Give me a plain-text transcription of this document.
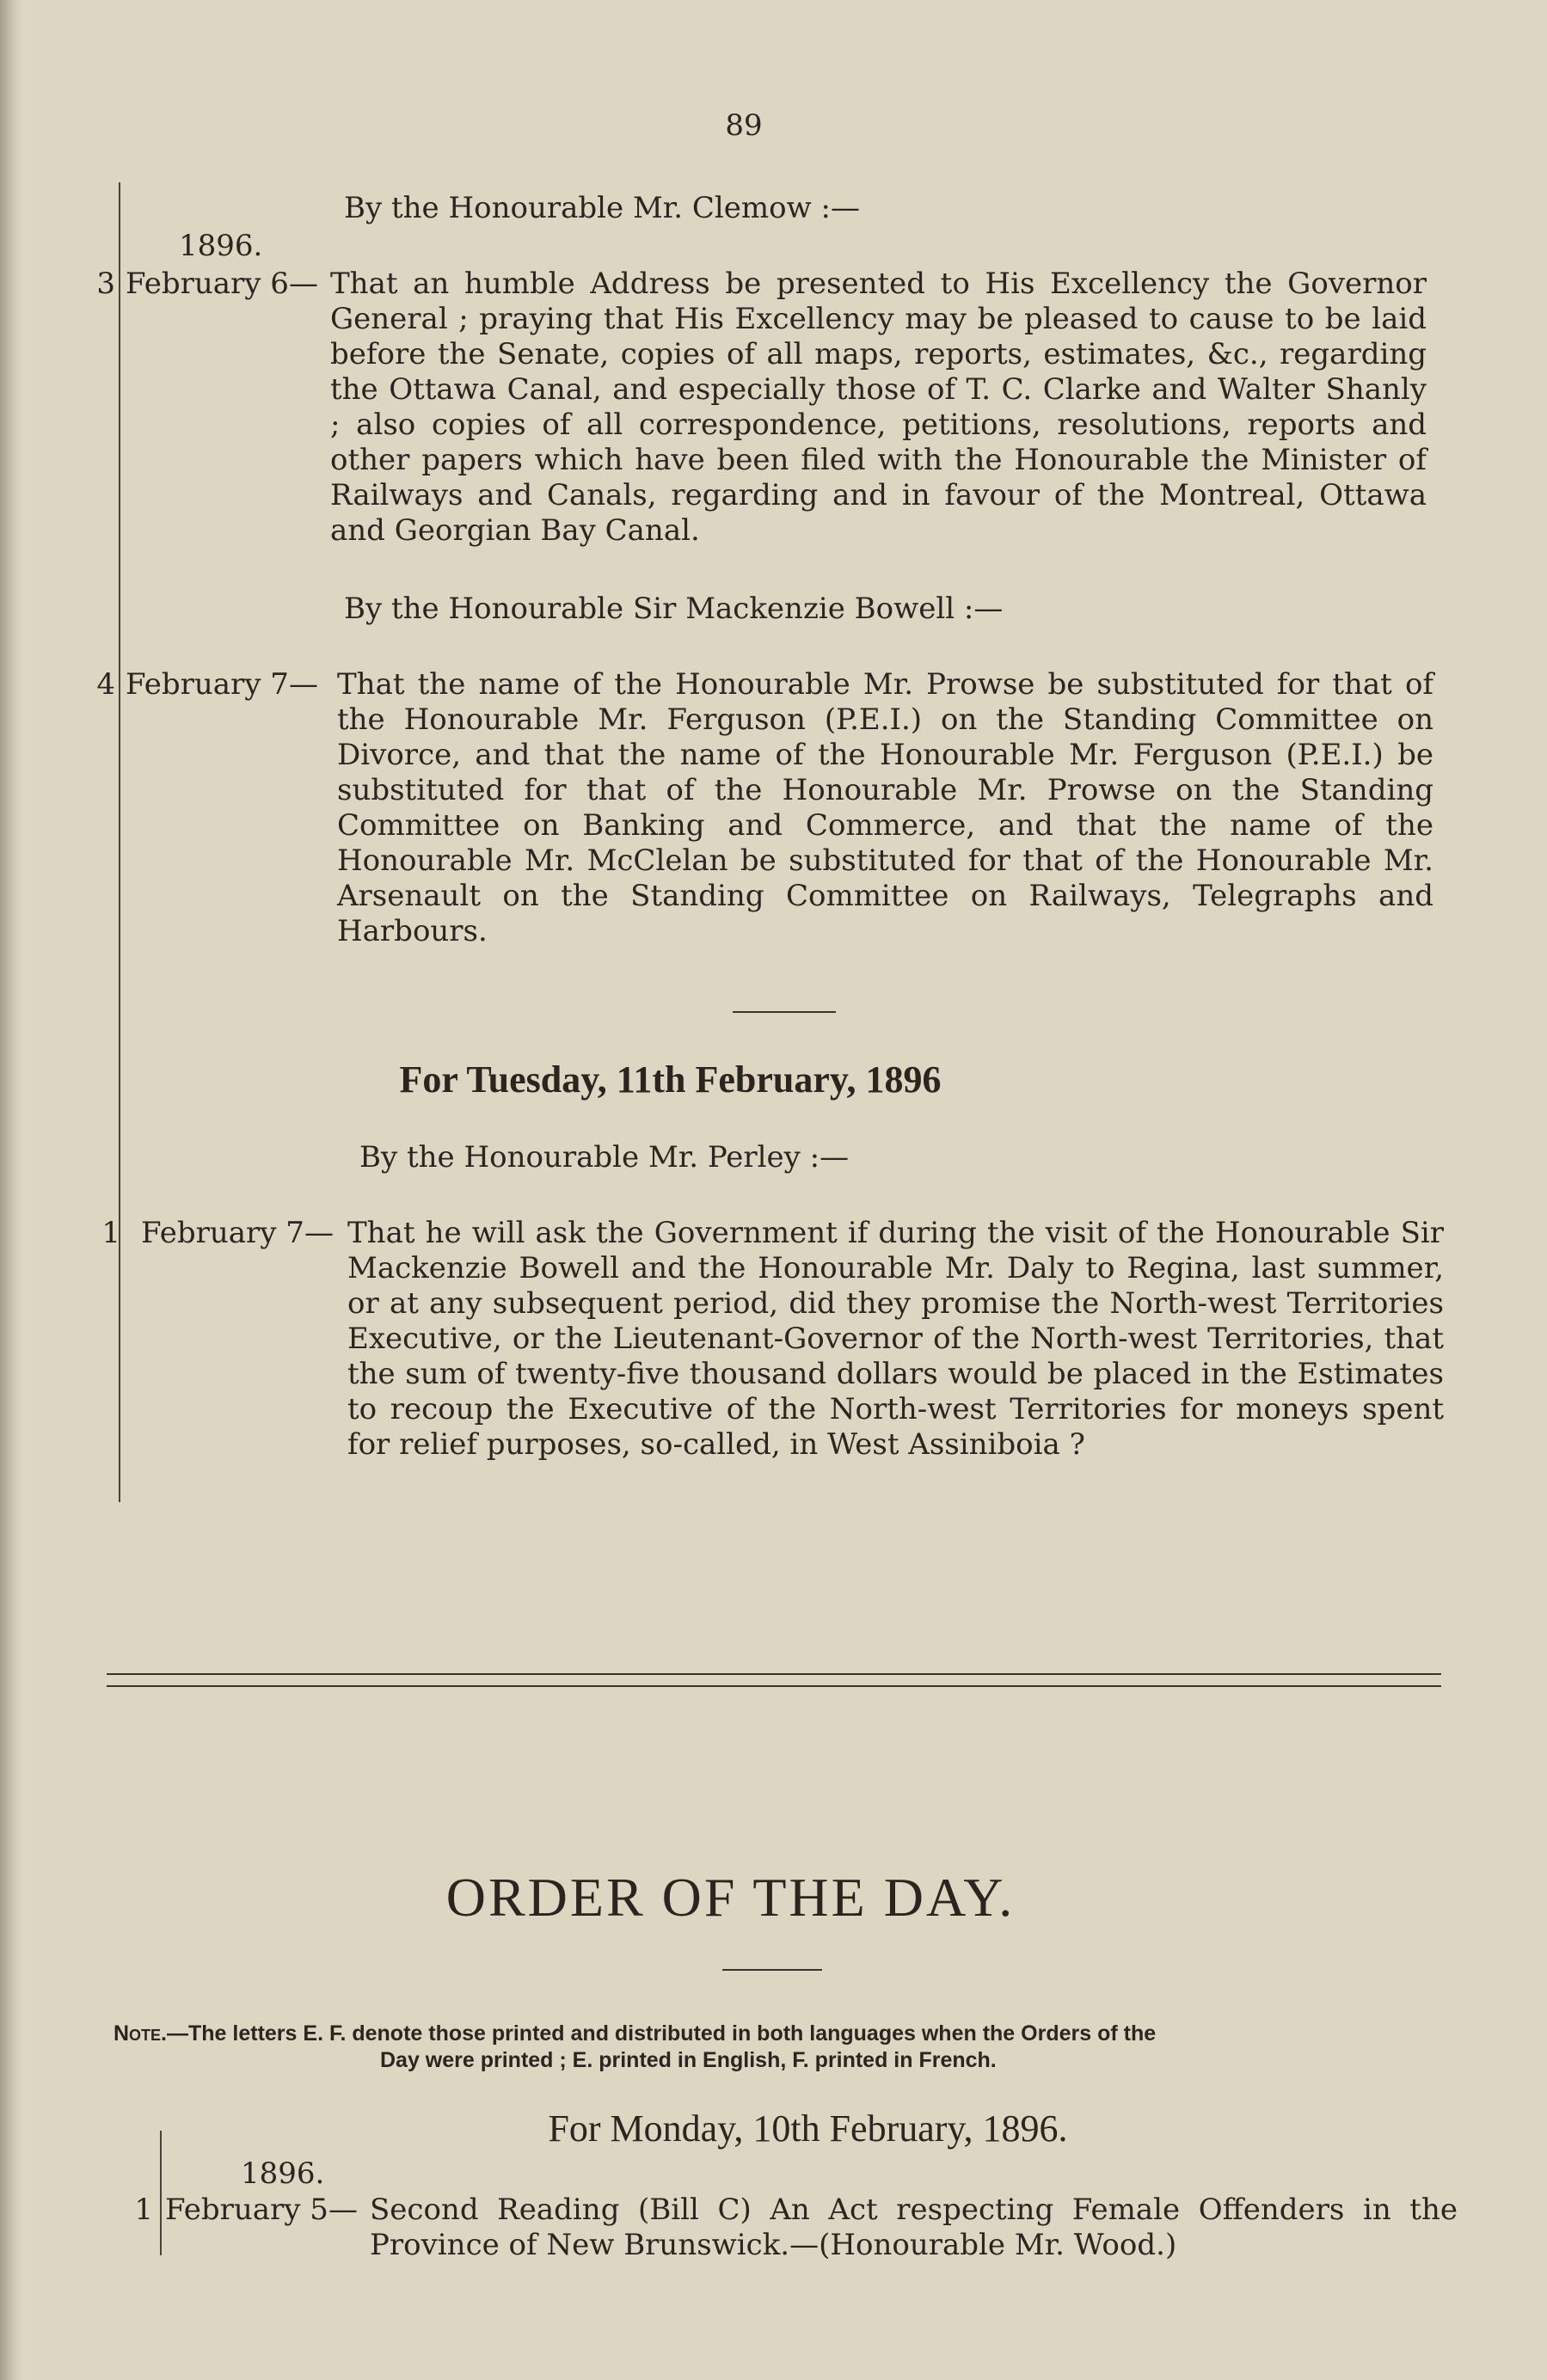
89
By the Honourable Mr. Clemow :—
1896.
3 February 6— That an humble Address be presented to His Excellency the Governor General ; praying that His Excellency may be pleased to cause to be laid before the Senate, copies of all maps, reports, estimates, &c., regarding the Ottawa Canal, and especially those of T. C. Clarke and Walter Shanly ; also copies of all correspondence, petitions, resolutions, reports and other papers which have been filed with the Honourable the Minister of Railways and Canals, regarding and in favour of the Montreal, Ottawa and Georgian Bay Canal.
By the Honourable Sir Mackenzie Bowell :—
4 February 7— That the name of the Honourable Mr. Prowse be substituted for that of the Honourable Mr. Ferguson (P.E.I.) on the Standing Committee on Divorce, and that the name of the Honourable Mr. Ferguson (P.E.I.) be substituted for that of the Honourable Mr. Prowse on the Standing Committee on Banking and Commerce, and that the name of the Honourable Mr. McClelan be substituted for that of the Honourable Mr. Arsenault on the Standing Committee on Railways, Telegraphs and Harbours.
For Tuesday, 11th February, 1896
By the Honourable Mr. Perley :—
1 February 7— That he will ask the Government if during the visit of the Honourable Sir Mackenzie Bowell and the Honourable Mr. Daly to Regina, last summer, or at any subsequent period, did they promise the North-west Territories Executive, or the Lieutenant-Governor of the North-west Territories, that the sum of twenty-five thousand dollars would be placed in the Estimates to recoup the Executive of the North-west Territories for moneys spent for relief purposes, so-called, in West Assiniboia ?
ORDER OF THE DAY.
Note.—The letters E. F. denote those printed and distributed in both languages when the Orders of the
Day were printed ; E. printed in English, F. printed in French.
For Monday, 10th February, 1896.
1896.
1 February 5— Second Reading (Bill C) An Act respecting Female Offenders in the Province of New Brunswick.—(Honourable Mr. Wood.)
